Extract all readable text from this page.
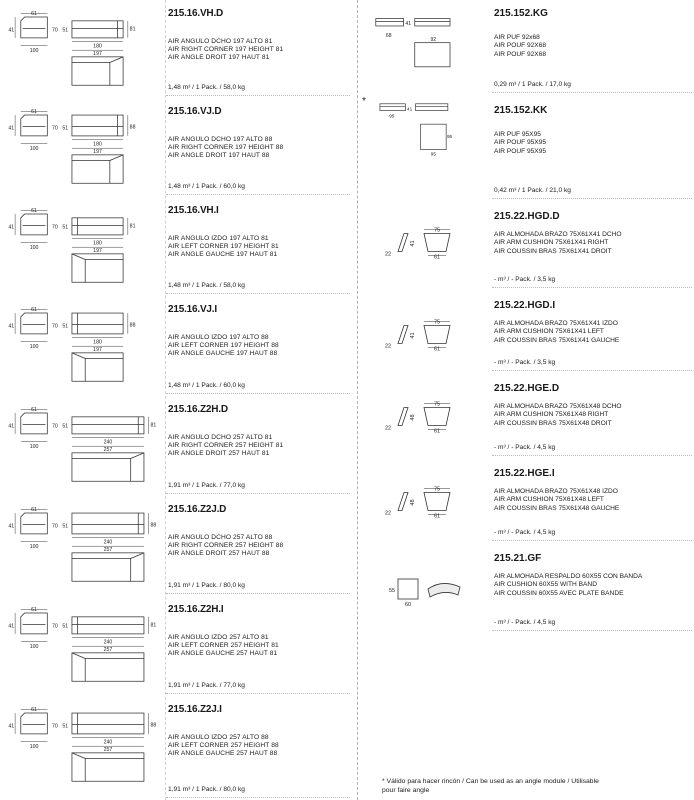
61
100
41	70 51	81
180
197
215.16.VH.D
AIR ANGULO DCHO 197 ALTO 81
AIR RIGHT CORNER 197 HEIGHT 81
AIR ANGLE DROIT 197 HAUT 81
1,48 m³ / 1 Pack. / 58,0 kg
61
100
41	70 51	88
180
197
215.16.VJ.D
AIR ANGULO DCHO 197 ALTO 88
AIR RIGHT CORNER 197 HEIGHT 88
AIR ANGLE DROIT 197 HAUT 88
1,48 m³ / 1 Pack. / 60,0 kg
61
100
41	70 51	81
180
197
215.16.VH.I
AIR ANGULO IZDO 197 ALTO 81
AIR LEFT CORNER 197 HEIGHT 81
AIR ANGLE GAUCHE 197 HAUT 81
1,48 m³ / 1 Pack. / 58,0 kg
61
100
41	70 51	88
180
197
215.16.VJ.I
AIR ANGULO IZDO 197 ALTO 88
AIR LEFT CORNER 197 HEIGHT 88
AIR ANGLE GAUCHE 197 HAUT 88
1,48 m³ / 1 Pack. / 60,0 kg
61
100
41	70 51	81
240
257
215.16.Z2H.D
AIR ANGULO DCHO 257 ALTO 81
AIR RIGHT CORNER 257 HEIGHT 81
AIR ANGLE DROIT 257 HAUT 81
1,91 m³ / 1 Pack. / 77,0 kg
61
100
41	70 51	88
240
257
215.16.Z2J.D
AIR ANGULO DCHO 257 ALTO 88
AIR RIGHT CORNER 257 HEIGHT 88
AIR ANGLE DROIT 257 HAUT 88
1,91 m³ / 1 Pack. / 80,0 kg
61
100
41	70 51	81
240
257
215.16.Z2H.I
AIR ANGULO IZDO 257 ALTO 81
AIR LEFT CORNER 257 HEIGHT 81
AIR ANGLE GAUCHE 257 HAUT 81
1,91 m³ / 1 Pack. / 77,0 kg
61
100
41	70 51	88
240
257
215.16.Z2J.I
AIR ANGULO IZDO 257 ALTO 88
AIR LEFT CORNER 257 HEIGHT 88
AIR ANGLE GAUCHE 257 HAUT 88
1,91 m³ / 1 Pack. / 80,0 kg
41
68
92
215.152.KG
AIR PUF 92x68
AIR POUF 92X68
AIR POUF 92X68
0,29 m³ / 1 Pack. / 17,0 kg
41
95
95
95
215.152.KK
AIR PUF 95X95
AIR POUF 95X95
AIR POUF 95X95
0,42 m³ / 1 Pack. / 21,0 kg
22
41
75
61
215.22.HGD.D
AIR ALMOHADA BRAZO 75X61X41 DCHO
AIR ARM CUSHION 75X61X41 RIGHT
AIR COUSSIN BRAS 75X61X41 DROIT
- m³ / - Pack. / 3,5 kg
22
41
75
61
215.22.HGD.I
AIR ALMOHADA BRAZO 75X61X41 IZDO
AIR ARM CUSHION 75X61X41 LEFT
AIR COUSSIN BRAS 75X61X41 GAUCHE
- m³ / - Pack. / 3,5 kg
22
48
75
61
215.22.HGE.D
AIR ALMOHADA BRAZO 75X61X48 DCHO
AIR ARM CUSHION 75X61X48 RIGHT
AIR COUSSIN BRAS 75X61X48 DROIT
- m³ / - Pack. / 4,5 kg
22
48
75
61
215.22.HGE.I
AIR ALMOHADA BRAZO 75X61X48 IZDO
AIR ARM CUSHION 75X61X48 LEFT
AIR COUSSIN BRAS 75X61X48 GAUCHE
- m³ / - Pack. / 4,5 kg
55
60
215.21.GF
AIR ALMOHADA RESPALDO 60X55 CON BANDA
AIR CUSHION 60X55 WITH BAND
AIR COUSSIN 60X55 AVEC PLATE BANDE
- m³ / - Pack. / 4,5 kg
*
* Válido para hacer rincón / Can be used as an angle module / Utilisable
pour faire angle
